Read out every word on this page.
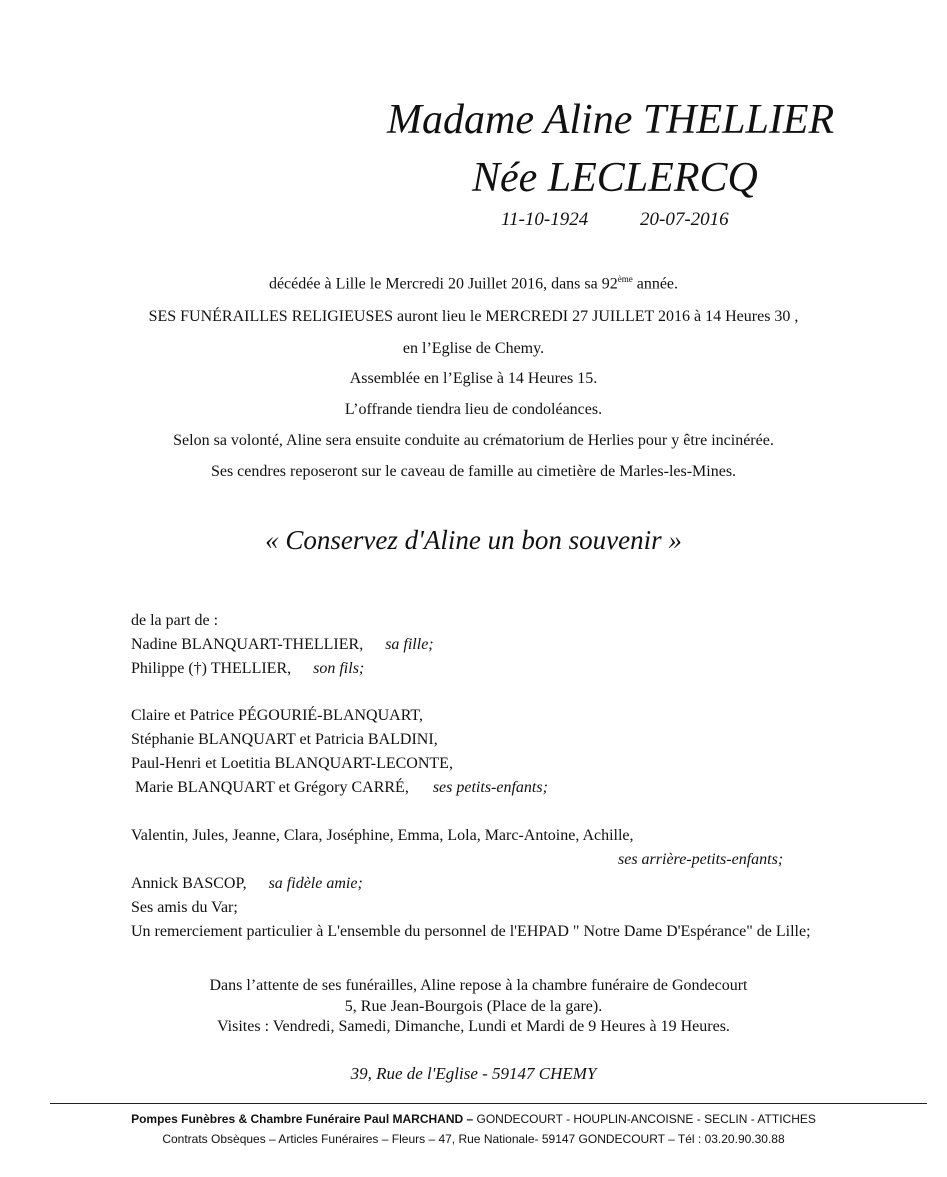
Madame Aline THELLIER
Née LECLERCQ
11-10-1924	20-07-2016
décédée à Lille le Mercredi 20 Juillet 2016, dans sa 92ème année.
SES FUNÉRAILLES RELIGIEUSES auront lieu le MERCREDI 27 JUILLET 2016 à 14 Heures 30 ,
en l’Eglise de Chemy.
Assemblée en l’Eglise à 14 Heures 15.
L’offrande tiendra lieu de condoléances.
Selon sa volonté, Aline sera ensuite conduite au crématorium de Herlies pour y être incinérée.
Ses cendres reposeront sur le caveau de famille au cimetière de Marles-les-Mines.
« Conservez d'Aline un bon souvenir »
de la part de :
Nadine BLANQUART-THELLIER, sa fille;
Philippe (†) THELLIER, son fils;
Claire et Patrice PÉGOURIÉ-BLANQUART,
Stéphanie BLANQUART et Patricia BALDINI,
Paul-Henri et Loetitia BLANQUART-LECONTE,
Marie BLANQUART et Grégory CARRÉ, ses petits-enfants;
Valentin, Jules, Jeanne, Clara, Joséphine, Emma, Lola, Marc-Antoine, Achille,
ses arrière-petits-enfants;
Annick BASCOP, sa fidèle amie;
Ses amis du Var;
Un remerciement particulier à L'ensemble du personnel de l'EHPAD " Notre Dame D'Espérance" de Lille;
Dans l’attente de ses funérailles, Aline repose à la chambre funéraire de Gondecourt
5, Rue Jean-Bourgois (Place de la gare).
Visites : Vendredi, Samedi, Dimanche, Lundi et Mardi de 9 Heures à 19 Heures.
39, Rue de l'Eglise - 59147 CHEMY
Pompes Funèbres & Chambre Funéraire Paul MARCHAND – GONDECOURT - HOUPLIN-ANCOISNE - SECLIN - ATTICHES
Contrats Obsèques – Articles Funéraires – Fleurs – 47, Rue Nationale- 59147 GONDECOURT – Tél : 03.20.90.30.88
